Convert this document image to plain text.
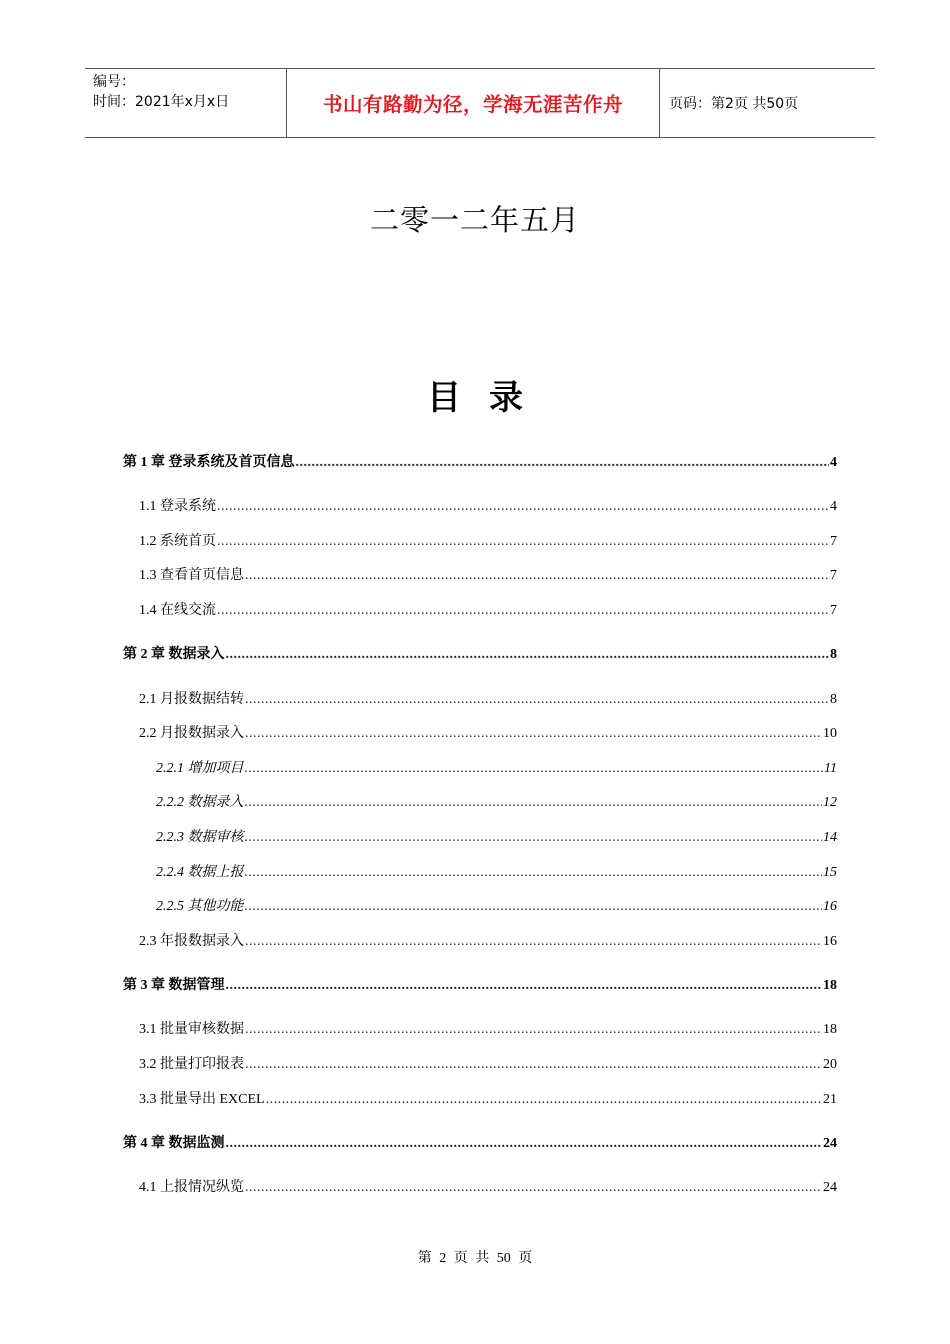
编号：
时间：2021年x月x日	书山有路勤为径，学海无涯苦作舟	页码：第2页 共50页
二零一二年五月
目录
第 1 章 登录系统及首页信息 .....	4
1.1 登录系统 .....	4
1.2 系统首页 .....	7
1.3 查看首页信息 .....	7
1.4 在线交流 .....	7
第 2 章 数据录入 .....	8
2.1 月报数据结转 .....	8
2.2 月报数据录入 .....	10
2.2.1 增加项目 .....	11
2.2.2 数据录入 .....	12
2.2.3 数据审核 .....	14
2.2.4 数据上报 .....	15
2.2.5 其他功能 .....	16
2.3 年报数据录入 .....	16
第 3 章 数据管理 .....	18
3.1 批量审核数据 .....	18
3.2 批量打印报表 .....	20
3.3 批量导出 EXCEL .....	21
第 4 章 数据监测 .....	24
4.1 上报情况纵览 .....	24
第 2 页 共 50 页
